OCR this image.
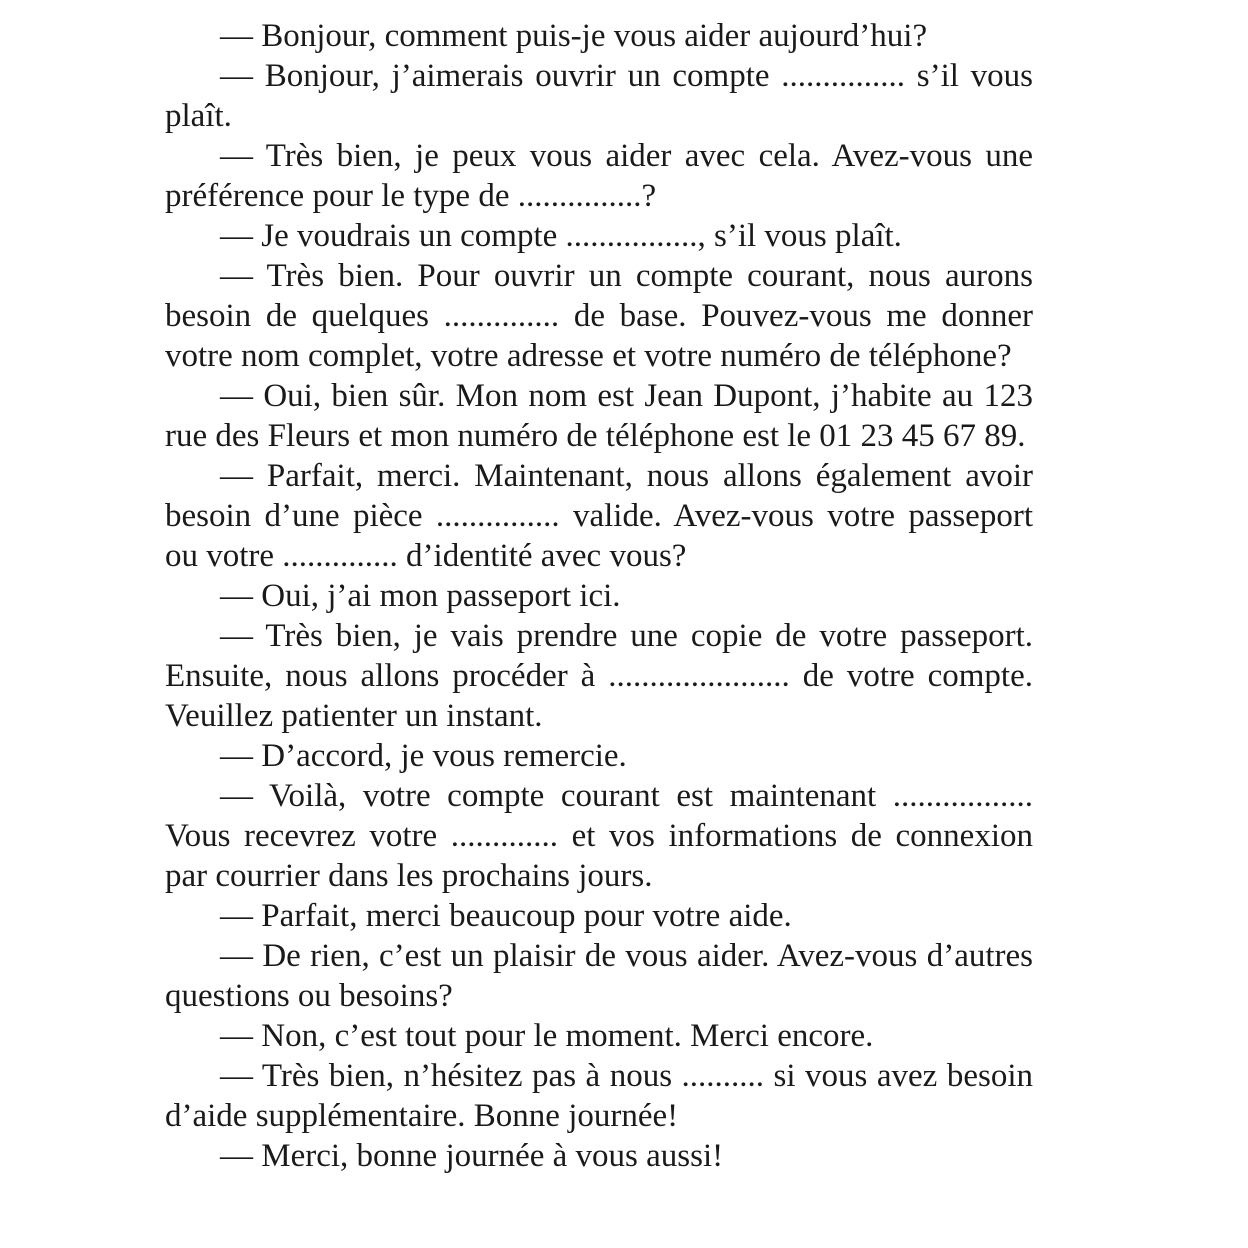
— Bonjour, comment puis-je vous aider aujourd’hui?

— Bonjour, j’aimerais ouvrir un compte ............... s’il vous plaît.

— Très bien, je peux vous aider avec cela. Avez-vous une préférence pour le type de ...............?

— Je voudrais un compte ................, s’il vous plaît.

— Très bien. Pour ouvrir un compte courant, nous aurons besoin de quelques .............. de base. Pouvez-vous me donner votre nom complet, votre adresse et votre numéro de téléphone?

— Oui, bien sûr. Mon nom est Jean Dupont, j’habite au 123 rue des Fleurs et mon numéro de téléphone est le 01 23 45 67 89.

— Parfait, merci. Maintenant, nous allons également avoir besoin d’une pièce ............... valide. Avez-vous votre passeport ou votre .............. d’identité avec vous?

— Oui, j’ai mon passeport ici.

— Très bien, je vais prendre une copie de votre passeport. Ensuite, nous allons procéder à ...................... de votre compte. Veuillez patienter un instant.

— D’accord, je vous remercie.

— Voilà, votre compte courant est maintenant ................. Vous recevrez votre ............. et vos informations de connexion par courrier dans les prochains jours.

— Parfait, merci beaucoup pour votre aide.

— De rien, c’est un plaisir de vous aider. Avez-vous d’autres questions ou besoins?

— Non, c’est tout pour le moment. Merci encore.

— Très bien, n’hésitez pas à nous .......... si vous avez besoin d’aide supplémentaire. Bonne journée!

— Merci, bonne journée à vous aussi!
